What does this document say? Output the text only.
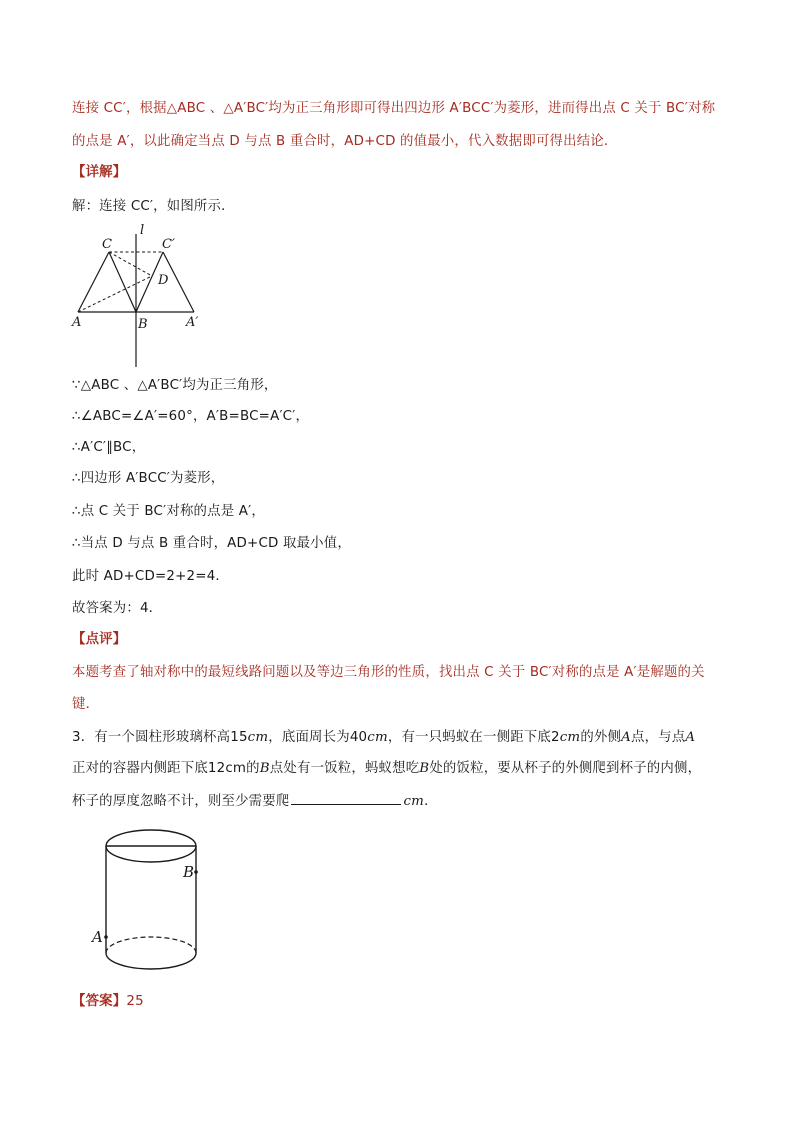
连接 CC′，根据△ABC 、△A′BC′均为正三角形即可得出四边形 A′BCC′为菱形，进而得出点 C 关于 BC′对称
的点是 A′，以此确定当点 D 与点 B 重合时，AD+CD 的值最小，代入数据即可得出结论．
【详解】
解：连接 CC′，如图所示．
l
C	C′
D
A	B	A′
∵△ABC 、△A′BC′均为正三角形，
∴∠ABC=∠A′=60°，A′B=BC=A′C′，
∴A′C′∥BC，
∴四边形 A′BCC′为菱形，
∴点 C 关于 BC′对称的点是 A′，
∴当点 D 与点 B 重合时，AD+CD 取最小值，
此时 AD+CD=2+2=4．
故答案为：4．
【点评】
本题考查了轴对称中的最短线路问题以及等边三角形的性质，找出点 C 关于 BC′对称的点是 A′是解题的关
键．
3．有一个圆柱形玻璃杯高15cm，底面周长为40cm，有一只蚂蚁在一侧距下底2cm的外侧A点，与点A
正对的容器内侧距下底12cm的B点处有一饭粒，蚂蚁想吃B处的饭粒，要从杯子的外侧爬到杯子的内侧，
杯子的厚度忽略不计，则至少需要爬	cm．
B
A
【答案】25
